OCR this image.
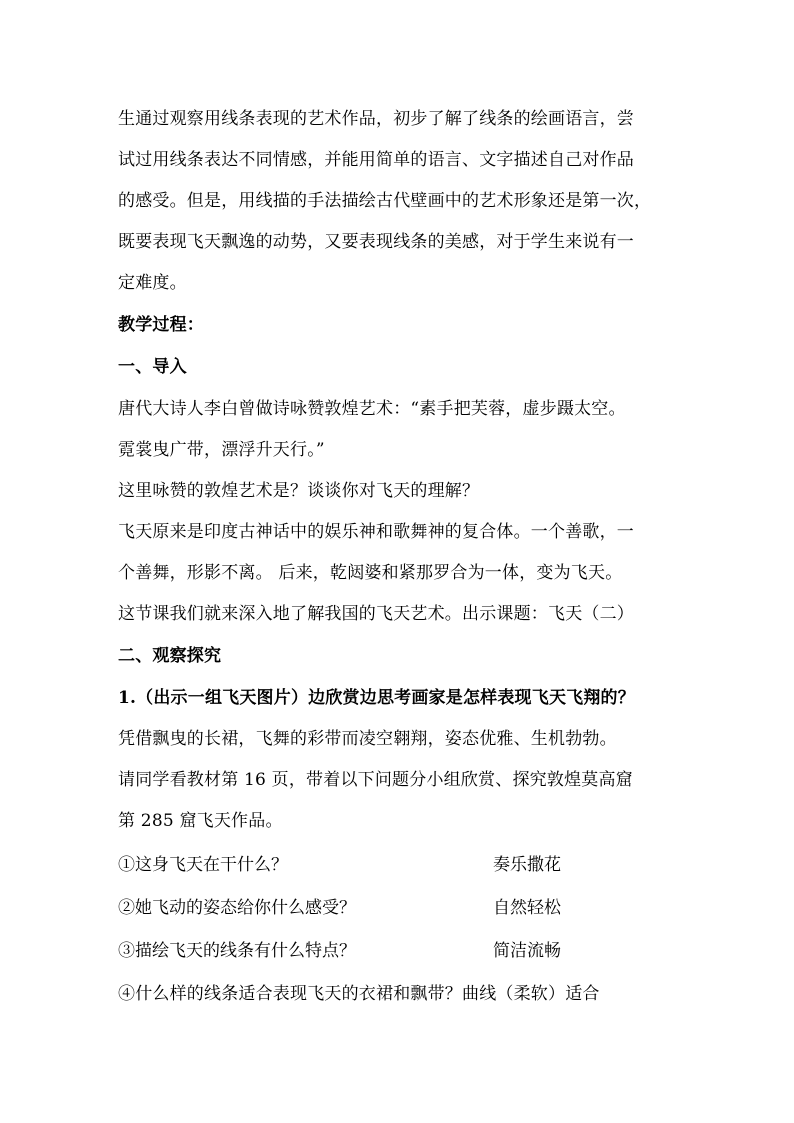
生通过观察用线条表现的艺术作品，初步了解了线条的绘画语言，尝
试过用线条表达不同情感，并能用简单的语言、文字描述自己对作品
的感受。但是，用线描的手法描绘古代壁画中的艺术形象还是第一次，
既要表现飞天飘逸的动势，又要表现线条的美感，对于学生来说有一
定难度。
教学过程：
一、导入
唐代大诗人李白曾做诗咏赞敦煌艺术：“素手把芙蓉，虚步蹑太空。
霓裳曳广带，漂浮升天行。”
这里咏赞的敦煌艺术是？谈谈你对飞天的理解？
飞天原来是印度古神话中的娱乐神和歌舞神的复合体。一个善歌，一
个善舞，形影不离。 后来，乾闼婆和紧那罗合为一体，变为飞天。
这节课我们就来深入地了解我国的飞天艺术。出示课题：飞天（二）
二、观察探究
1.（出示一组飞天图片）边欣赏边思考画家是怎样表现飞天飞翔的？
凭借飘曳的长裙，飞舞的彩带而凌空翱翔，姿态优雅、生机勃勃。
请同学看教材第 16 页，带着以下问题分小组欣赏、探究敦煌莫高窟
第 285 窟飞天作品。
①这身飞天在干什么？	奏乐撒花
②她飞动的姿态给你什么感受？	自然轻松
③描绘飞天的线条有什么特点？	简洁流畅
④什么样的线条适合表现飞天的衣裙和飘带？曲线（柔软）适合
